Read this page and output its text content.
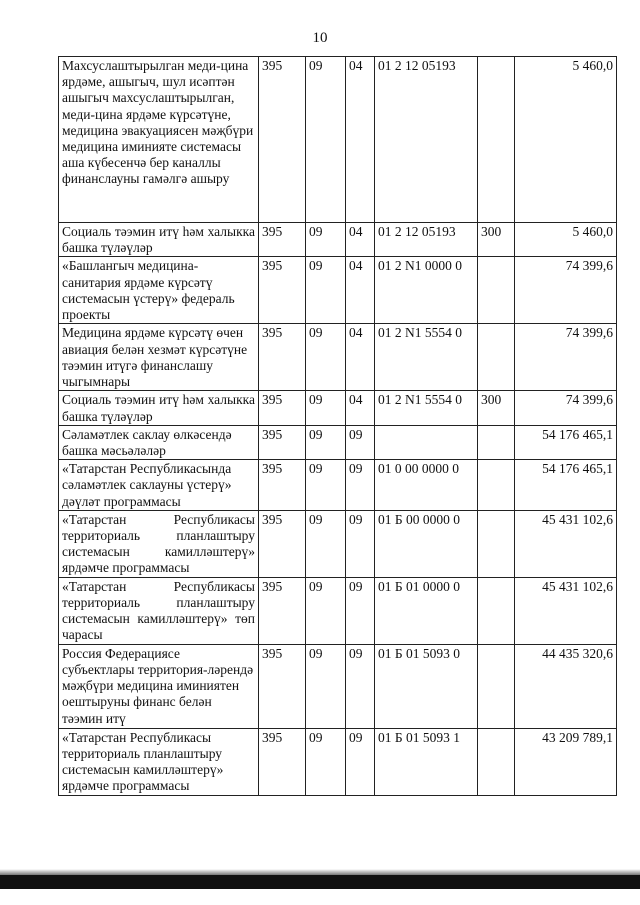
10
Махсуслаштырылган меди-цина ярдәме, ашыгыч, шул исәптән ашыгыч махсуслаштырылган, меди-цина ярдәме күрсәтүне, медицина эвакуациясен мәҗбүри медицина иминияте системасы аша күбесенчә бер каналлы финанслауны гамәлгә ашыру	395	09	04	01 2 12 05193		5 460,0
Социаль тәэмин итү һәм халыкка башка түләүләр	395	09	04	01 2 12 05193	300	5 460,0
«Башлангыч медицина-санитария ярдәме күрсәтү системасын үстерү» федераль проекты	395	09	04	01 2 N1 0000 0		74 399,6
Медицина ярдәме күрсәтү өчен авиация белән хезмәт күрсәтүне тәэмин итүгә финанслашу чыгымнары	395	09	04	01 2 N1 5554 0		74 399,6
Социаль тәэмин итү һәм халыкка башка түләүләр	395	09	04	01 2 N1 5554 0	300	74 399,6
Сәламәтлек саклау өлкәсендә башка мәсьәләләр	395	09	09			54 176 465,1
«Татарстан Республикасында сәламәтлек саклауны үстерү» дәүләт программасы	395	09	09	01 0 00 0000 0		54 176 465,1
«Татарстан Республикасы территориаль планлаштыру системасын камилләштерү» ярдәмче программасы	395	09	09	01 Б 00 0000 0		45 431 102,6
«Татарстан Республикасы территориаль планлаштыру системасын камилләштерү» төп чарасы	395	09	09	01 Б 01 0000 0		45 431 102,6
Россия Федерациясе субъектлары территория-ләрендә мәҗбүри медицина иминиятен оештыруны финанс белән тәэмин итү	395	09	09	01 Б 01 5093 0		44 435 320,6
«Татарстан Республикасы территориаль планлаштыру системасын камилләштерү» ярдәмче программасы	395	09	09	01 Б 01 5093 1		43 209 789,1
